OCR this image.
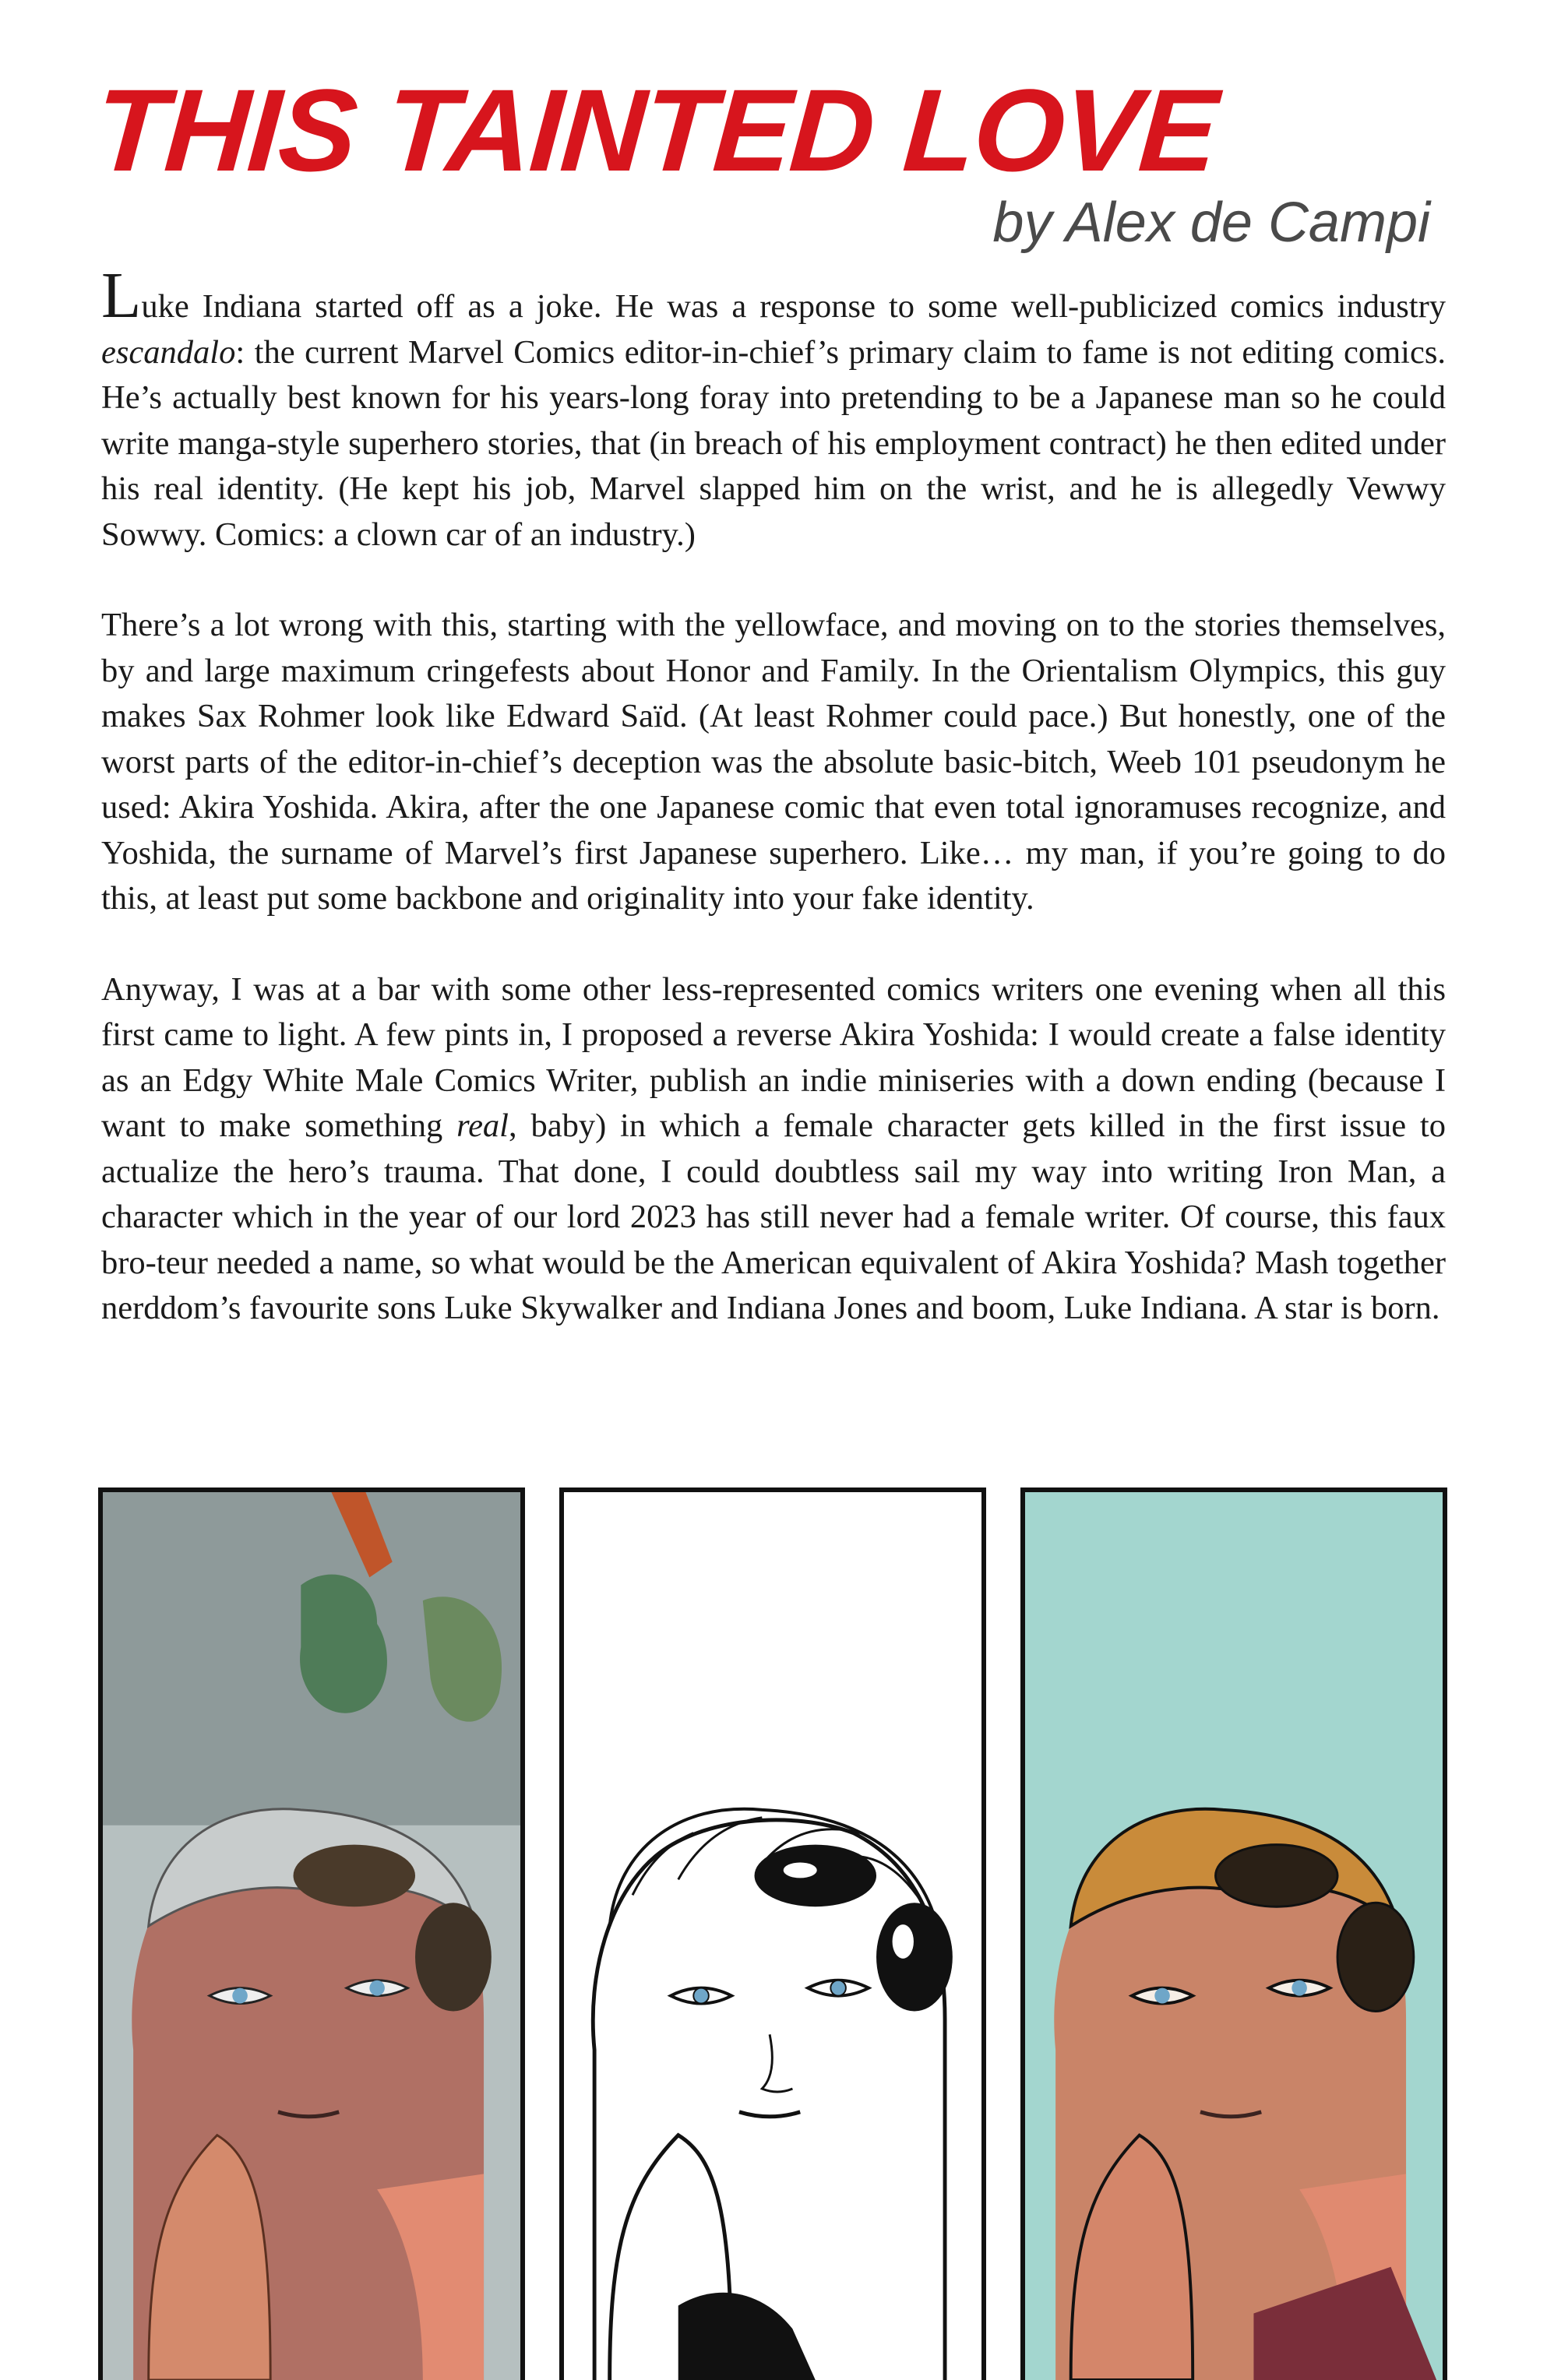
THIS TAINTED LOVE
by Alex de Campi

Luke Indiana started off as a joke. He was a response to some well-publicized comics industry escandalo: the current Marvel Comics editor-in-chief’s primary claim to fame is not editing comics. He’s actually best known for his years-long foray into pretending to be a Japanese man so he could write manga-style superhero stories, that (in breach of his employment contract) he then edited under his real identity. (He kept his job, Marvel slapped him on the wrist, and he is allegedly Vewwy Sowwy. Comics: a clown car of an industry.)

There’s a lot wrong with this, starting with the yellowface, and moving on to the stories themselves, by and large maximum cringefests about Honor and Family. In the Orientalism Olympics, this guy makes Sax Rohmer look like Edward Saïd. (At least Rohmer could pace.) But honestly, one of the worst parts of the editor-in-chief’s deception was the absolute basic-bitch, Weeb 101 pseudonym he used: Akira Yoshida. Akira, after the one Japanese comic that even total ignoramuses recognize, and Yoshida, the surname of Marvel’s first Japanese superhero. Like… my man, if you’re going to do this, at least put some backbone and originality into your fake identity.

Anyway, I was at a bar with some other less-represented comics writers one evening when all this first came to light. A few pints in, I proposed a reverse Akira Yoshida: I would create a false identity as an Edgy White Male Comics Writer, publish an indie miniseries with a down ending (because I want to make something real, baby) in which a female character gets killed in the first issue to actualize the hero’s trauma. That done, I could doubtless sail my way into writing Iron Man, a character which in the year of our lord 2023 has still never had a female writer. Of course, this faux bro-teur needed a name, so what would be the American equivalent of Akira Yoshida? Mash together nerddom’s favourite sons Luke Skywalker and Indiana Jones and boom, Luke Indiana. A star is born.
